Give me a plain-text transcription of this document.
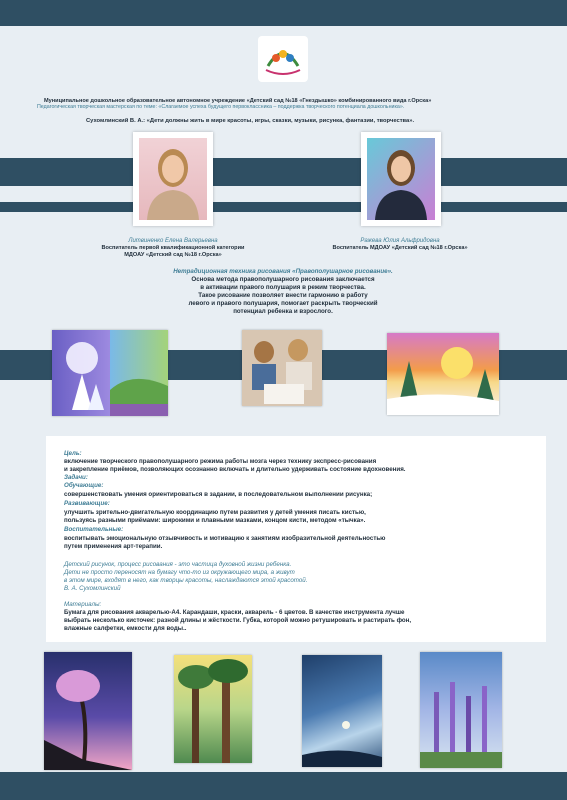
Муниципальное дошкольное образовательное автономное учреждение «Детский сад №18 «Гнездышко» комбинированного вида г.Орска»
Педагогическая творческая мастерская по теме: «Слагаемое успеха будущего первоклассника – поддержка творческого потенциала дошкольника».
Сухомлинский В. А.: «Дети должны жить в мире красоты, игры, сказки, музыки, рисунка, фантазии, творчества».
Литвиненко Елена Валерьевна
Воспитатель первой квалификационной категории
МДОАУ «Детский сад №18 г.Орска»
Ражева Юлия Альфридовна
Воспитатель МДОАУ «Детский сад №18 г.Орска»
Нетрадиционная техника рисования «Правополушарное рисование».
Основа метода правополушарного рисования заключается
в активации правого полушария в режим творчества.
Такое рисование позволяет внести гармонию в работу
левого и правого полушария, помогает раскрыть творческий
потенциал ребенка и взрослого.
Цель:
включение творческого правополушарного режима работы мозга через технику экспресс-рисования
и закрепление приёмов, позволяющих осознанно включать и длительно удерживать состояние вдохновения.
Задачи:
Обучающие:
совершенствовать умения ориентироваться в задании, в последовательном выполнении рисунка;
Развивающие:
улучшить зрительно-двигательную координацию путем развития у детей умения писать кистью,
пользуясь разными приёмами: широкими и плавными мазками, концом кисти, методом «тычка».
Воспитательные:
воспитывать эмоциональную отзывчивость и мотивацию к занятиям изобразительной деятельностью
путем применения арт-терапии.
Детский рисунок, процесс рисования - это частица духовной жизни ребенка.
Дети не просто переносят на бумагу что-то из окружающего мира, а живут
в этом мире, входят в него, как творцы красоты, наслаждаются этой красотой.
В. А. Сухомлинский
Материалы:
Бумага для рисования акварелью-А4. Карандаши, краски, акварель - 6 цветов. В качестве инструмента лучше
выбрать несколько кисточек: разной длины и жёсткости. Губка, которой можно ретушировать и растирать фон,
влажные салфетки, емкости для воды..
